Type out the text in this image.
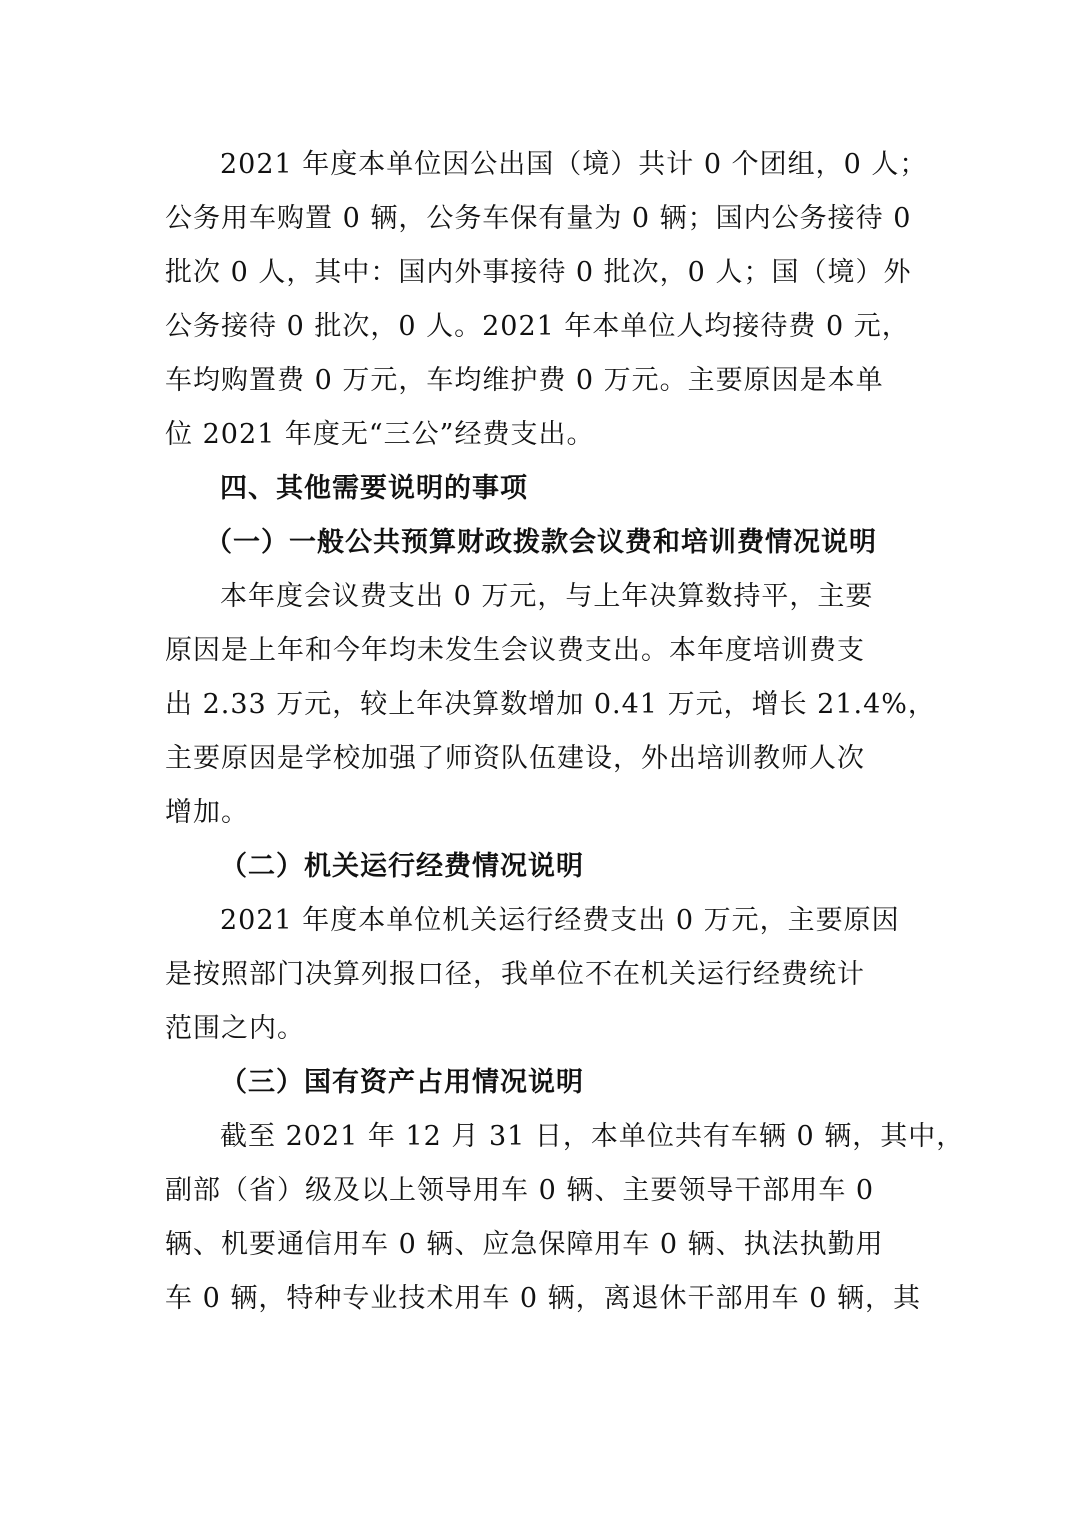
2021 年度本单位因公出国（境）共计 0 个团组，0 人；
公务用车购置 0 辆，公务车保有量为 0 辆；国内公务接待 0
批次 0 人，其中：国内外事接待 0 批次，0 人；国（境）外
公务接待 0 批次，0 人。2021 年本单位人均接待费 0 元，
车均购置费 0 万元，车均维护费 0 万元。主要原因是本单
位 2021 年度无“三公”经费支出。
四、其他需要说明的事项
（一）一般公共预算财政拨款会议费和培训费情况说明
本年度会议费支出 0 万元，与上年决算数持平，主要
原因是上年和今年均未发生会议费支出。本年度培训费支
出 2.33 万元，较上年决算数增加 0.41 万元，增长 21.4%，
主要原因是学校加强了师资队伍建设，外出培训教师人次
增加。
（二）机关运行经费情况说明
2021 年度本单位机关运行经费支出 0 万元，主要原因
是按照部门决算列报口径，我单位不在机关运行经费统计
范围之内。
（三）国有资产占用情况说明
截至 2021 年 12 月 31 日，本单位共有车辆 0 辆，其中，
副部（省）级及以上领导用车 0 辆、主要领导干部用车 0
辆、机要通信用车 0 辆、应急保障用车 0 辆、执法执勤用
车 0 辆，特种专业技术用车 0 辆，离退休干部用车 0 辆，其
